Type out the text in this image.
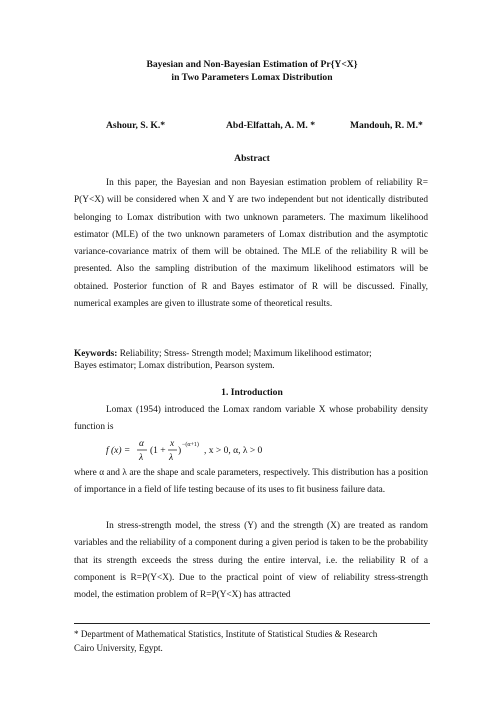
Bayesian and Non-Bayesian Estimation of Pr{Y<X}
in Two Parameters Lomax Distribution
Ashour, S. K.*	Abd-Elfattah, A. M. *	Mandouh, R. M.*
Abstract

In this paper, the Bayesian and non Bayesian estimation problem of reliability R= P(Y<X) will be considered when X and Y are two independent but not identically distributed belonging to Lomax distribution with two unknown parameters. The maximum likelihood estimator (MLE) of the two unknown parameters of Lomax distribution and the asymptotic variance-covariance matrix of them will be obtained. The MLE of the reliability R will be presented. Also the sampling distribution of the maximum likelihood estimators will be obtained. Posterior function of R and Bayes estimator of R will be discussed. Finally, numerical examples are given to illustrate some of theoretical results.

Keywords: Reliability; Stress- Strength model; Maximum likelihood estimator;
Bayes estimator; Lomax distribution, Pearson system.
1. Introduction

Lomax (1954) introduced the Lomax random variable X whose probability density function is

f (x) =
α
λ
(1 +
x
λ
)
−(α+1)
, x > 0, α, λ > 0

where α and λ are the shape and scale parameters, respectively. This distribution has a position of importance in a field of life testing because of its uses to fit business failure data.

In stress-strength model, the stress (Y) and the strength (X) are treated as random variables and the reliability of a component during a given period is taken to be the probability that its strength exceeds the stress during the entire interval, i.e. the reliability R of a component is R=P(Y<X). Due to the practical point of view of reliability stress-strength model, the estimation problem of R=P(Y<X) has attracted

* Department of Mathematical Statistics, Institute of Statistical Studies & Research
Cairo University, Egypt.
